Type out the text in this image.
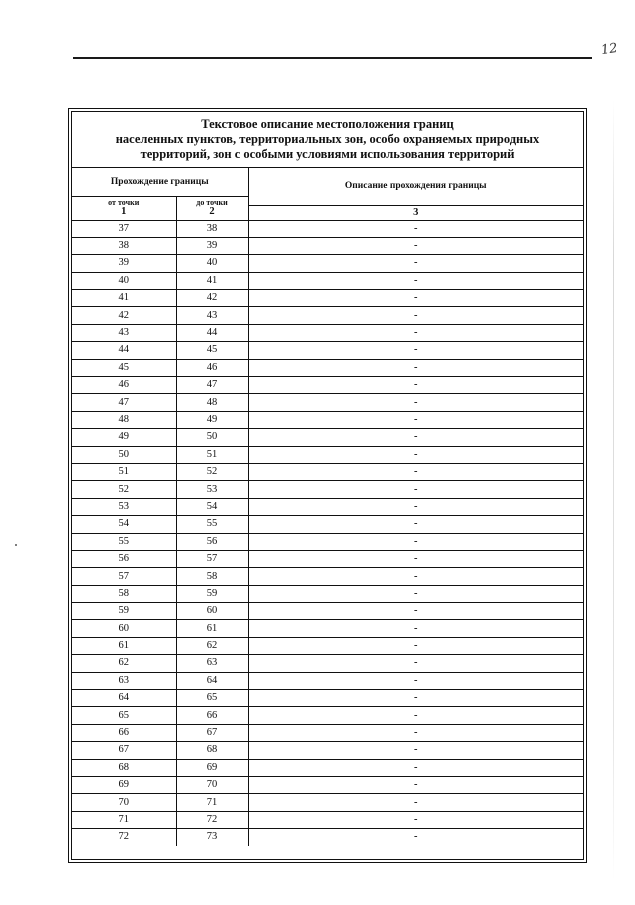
12
Текстовое описание местоположения границ
населенных пунктов, территориальных зон, особо охраняемых природных
территорий, зон с особыми условиями использования территорий
Прохождение границы		Описание прохождения границы

от точки	до точки	

1	2	3
37	38	-
38	39	-
39	40	-
40	41	-
41	42	-
42	43	-
43	44	-
44	45	-
45	46	-
46	47	-
47	48	-
48	49	-
49	50	-
50	51	-
51	52	-
52	53	-
53	54	-
54	55	-
55	56	-
56	57	-
57	58	-
58	59	-
59	60	-
60	61	-
61	62	-
62	63	-
63	64	-
64	65	-
65	66	-
66	67	-
67	68	-
68	69	-
69	70	-
70	71	-
71	72	-
72	73	-
